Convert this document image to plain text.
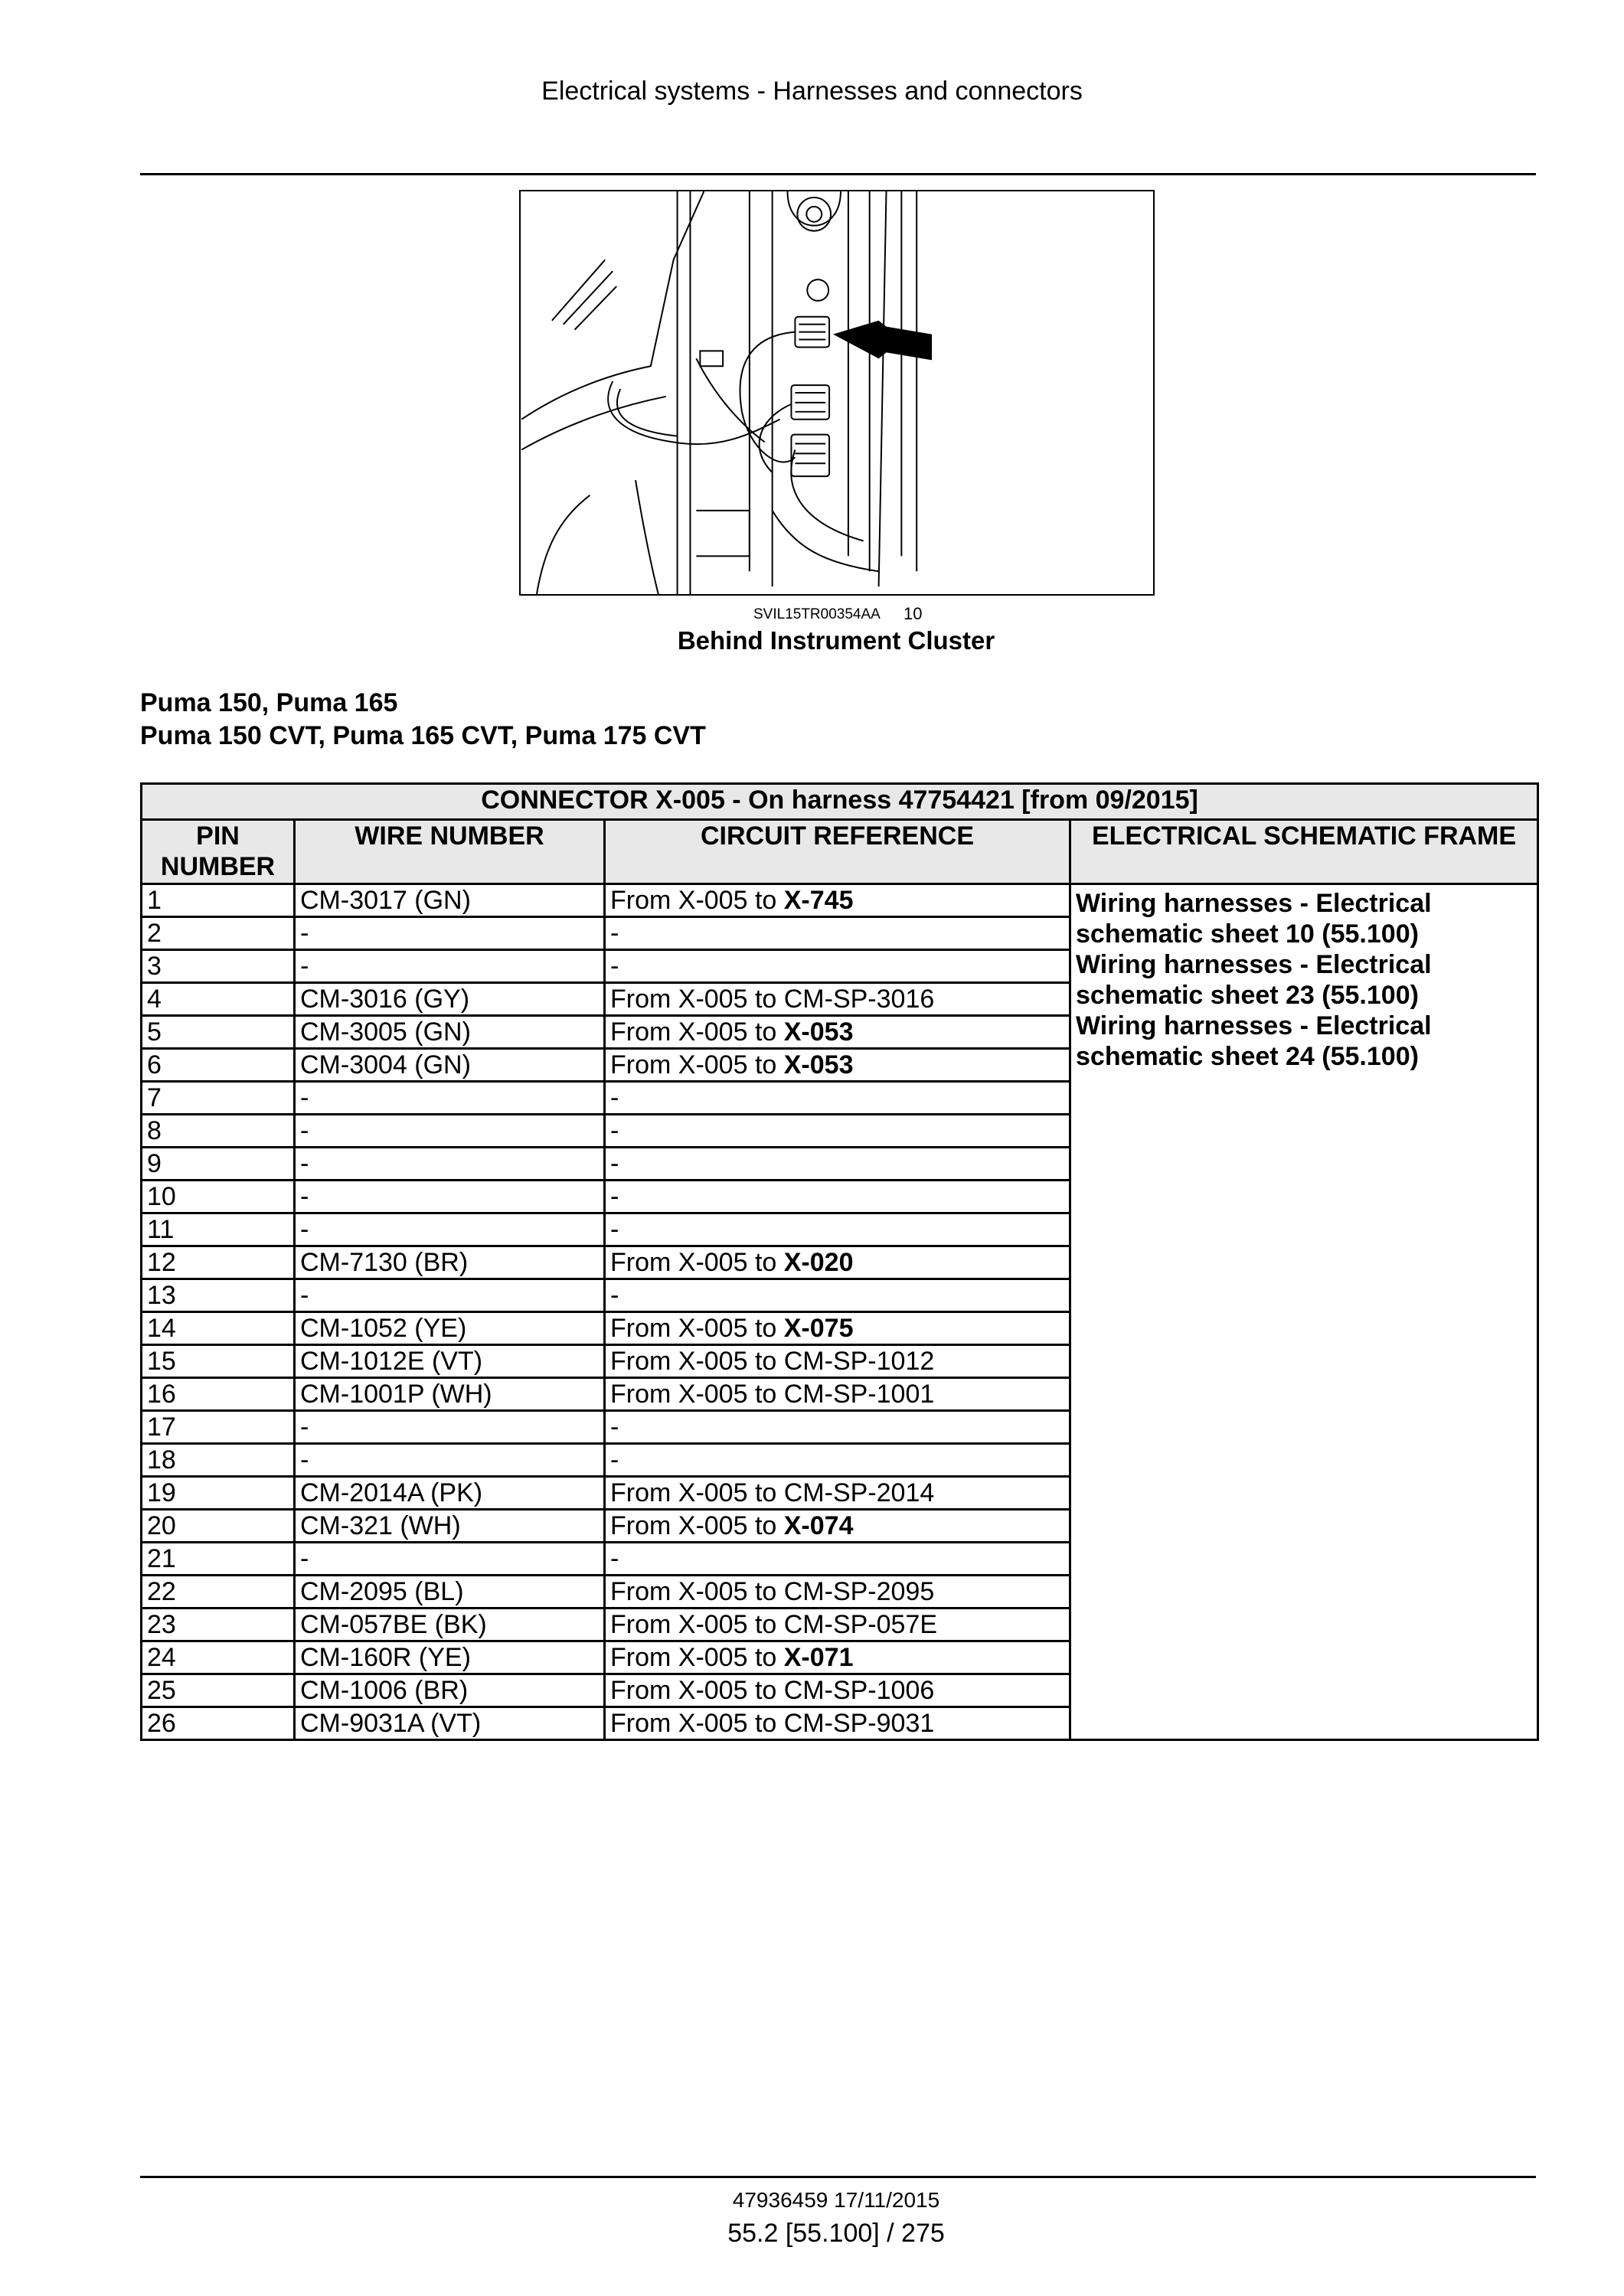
Electrical systems - Harnesses and connectors
SVIL15TR00354AA 10
Behind Instrument Cluster
Puma 150, Puma 165
Puma 150 CVT, Puma 165 CVT, Puma 175 CVT
CONNECTOR X-005 - On harness 47754421 [from 09/2015]			
PIN NUMBER	WIRE NUMBER	CIRCUIT REFERENCE	ELECTRICAL SCHEMATIC FRAME
1	CM-3017 (GN)	From X-005 to X-745	Wiring harnesses - Electrical schematic sheet 10 (55.100)
Wiring harnesses - Electrical schematic sheet 23 (55.100)
Wiring harnesses - Electrical schematic sheet 24 (55.100)

2	-	-	
3	-	-	
4	CM-3016 (GY)	From X-005 to CM-SP-3016	
5	CM-3005 (GN)	From X-005 to X-053	
6	CM-3004 (GN)	From X-005 to X-053	
7	-	-	
8	-	-	
9	-	-	
10	-	-	
11	-	-	
12	CM-7130 (BR)	From X-005 to X-020	
13	-	-	
14	CM-1052 (YE)	From X-005 to X-075	
15	CM-1012E (VT)	From X-005 to CM-SP-1012	
16	CM-1001P (WH)	From X-005 to CM-SP-1001	
17	-	-	
18	-	-	
19	CM-2014A (PK)	From X-005 to CM-SP-2014	
20	CM-321 (WH)	From X-005 to X-074	
21	-	-	
22	CM-2095 (BL)	From X-005 to CM-SP-2095	
23	CM-057BE (BK)	From X-005 to CM-SP-057E	
24	CM-160R (YE)	From X-005 to X-071	
25	CM-1006 (BR)	From X-005 to CM-SP-1006	
26	CM-9031A (VT)	From X-005 to CM-SP-9031	
47936459 17/11/2015
55.2 [55.100] / 275
